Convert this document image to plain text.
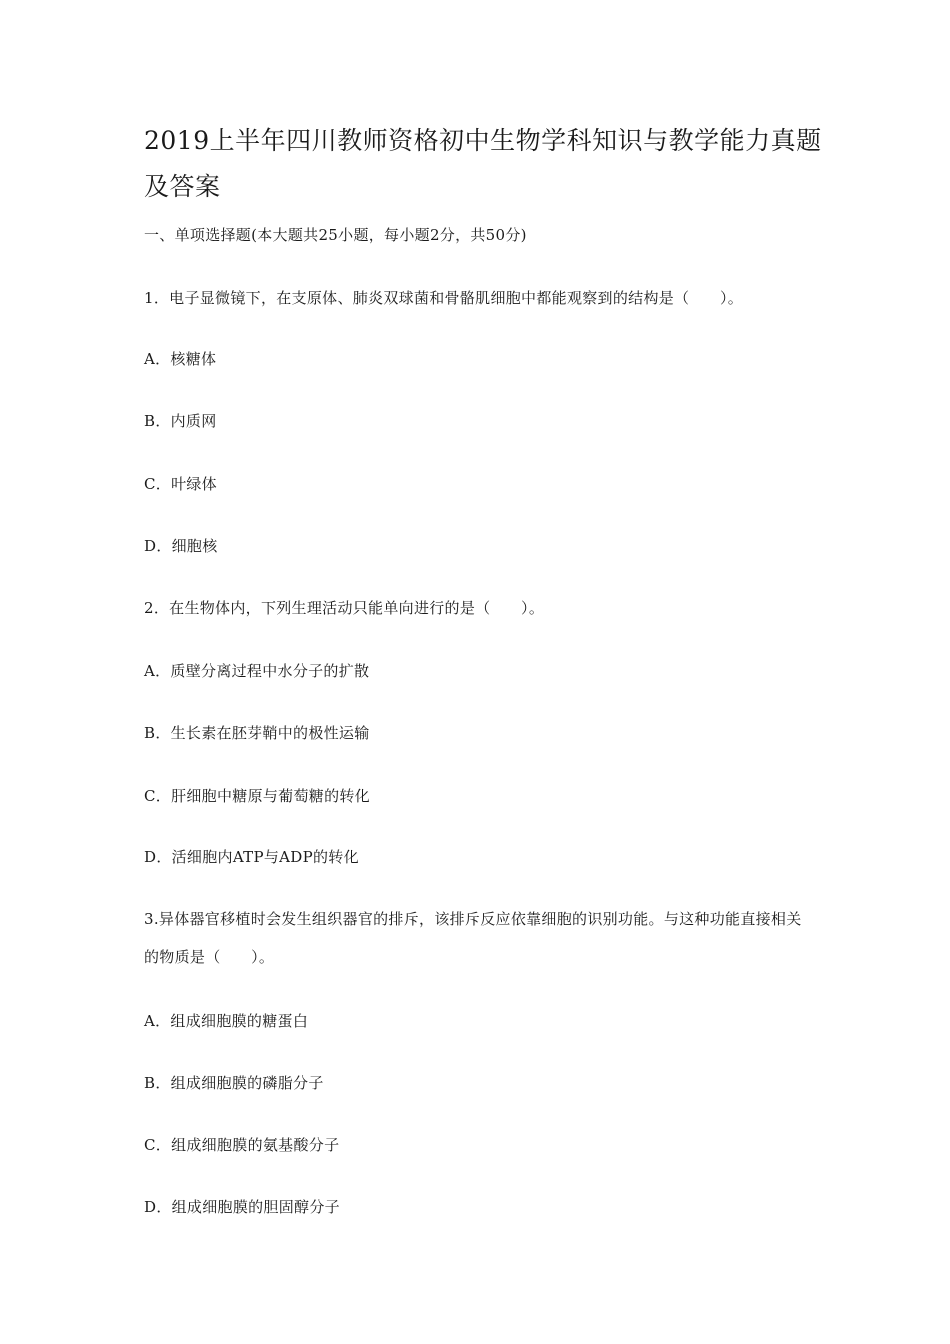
2019上半年四川教师资格初中生物学科知识与教学能力真题及答案
一、单项选择题(本大题共25小题，每小题2分，共50分)
1．电子显微镜下，在支原体、肺炎双球菌和骨骼肌细胞中都能观察到的结构是（　　）。
A．核糖体
B．内质网
C．叶绿体
D．细胞核
2．在生物体内，下列生理活动只能单向进行的是（　　）。
A．质壁分离过程中水分子的扩散
B．生长素在胚芽鞘中的极性运输
C．肝细胞中糖原与葡萄糖的转化
D．活细胞内ATP与ADP的转化
3.异体器官移植时会发生组织器官的排斥，该排斥反应依靠细胞的识别功能。与这种功能直接相关的物质是（　　）。
A．组成细胞膜的糖蛋白
B．组成细胞膜的磷脂分子
C．组成细胞膜的氨基酸分子
D．组成细胞膜的胆固醇分子
